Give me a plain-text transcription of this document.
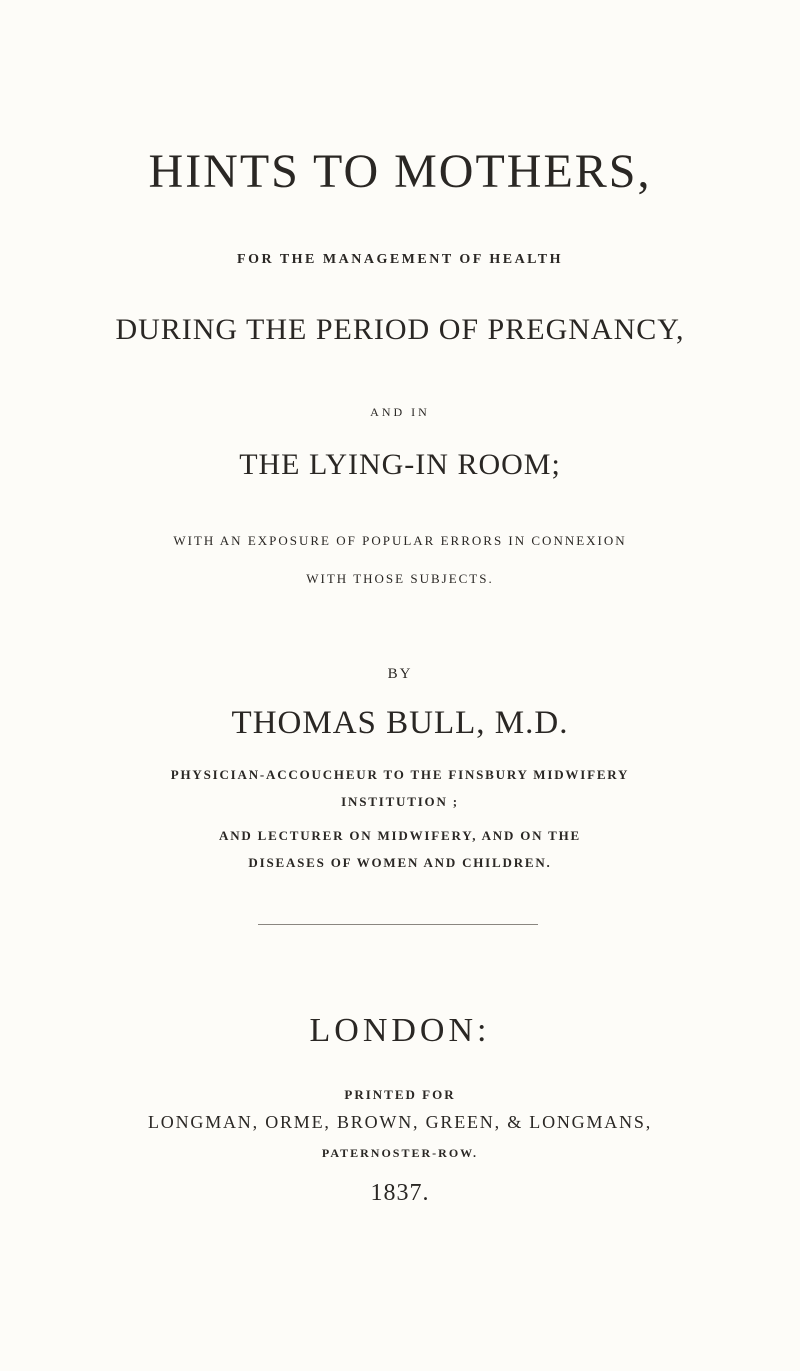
HINTS TO MOTHERS,

FOR THE MANAGEMENT OF HEALTH

DURING THE PERIOD OF PREGNANCY,

AND IN

THE LYING-IN ROOM;

WITH AN EXPOSURE OF POPULAR ERRORS IN CONNEXION

WITH THOSE SUBJECTS.

BY

THOMAS BULL, M.D.

PHYSICIAN-ACCOUCHEUR TO THE FINSBURY MIDWIFERY

INSTITUTION ;

AND LECTURER ON MIDWIFERY, AND ON THE

DISEASES OF WOMEN AND CHILDREN.

LONDON:

PRINTED FOR

LONGMAN, ORME, BROWN, GREEN, & LONGMANS,

PATERNOSTER-ROW.

1837.
